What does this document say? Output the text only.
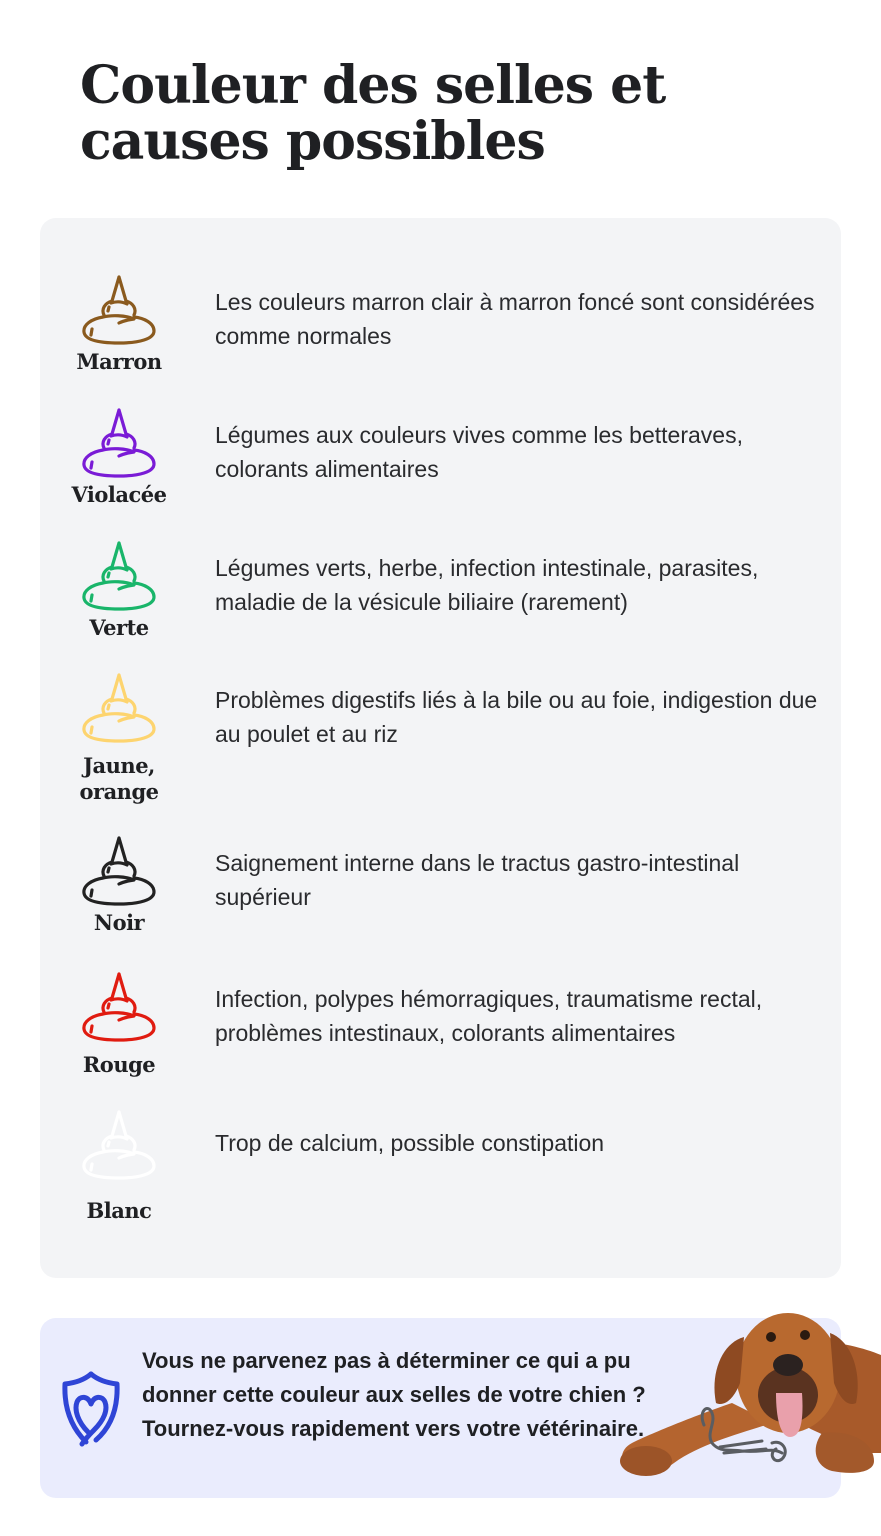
Couleur des selles et causes possibles
Marron

Les couleurs marron clair à marron foncé sont considérées comme normales

Violacée

Légumes aux couleurs vives comme les betteraves, colorants alimentaires

Verte

Légumes verts, herbe, infection intestinale, parasites, maladie de la vésicule biliaire (rarement)

Jaune, orange

Problèmes digestifs liés à la bile ou au foie, indigestion due au poulet et au riz

Noir

Saignement interne dans le tractus gastro-intestinal supérieur

Rouge

Infection, polypes hémorragiques, traumatisme rectal, problèmes intestinaux, colorants alimentaires

Blanc

Trop de calcium, possible constipation

Vous ne parvenez pas à déterminer ce qui a pu donner cette couleur aux selles de votre chien ? Tournez-vous rapidement vers votre vétérinaire.
